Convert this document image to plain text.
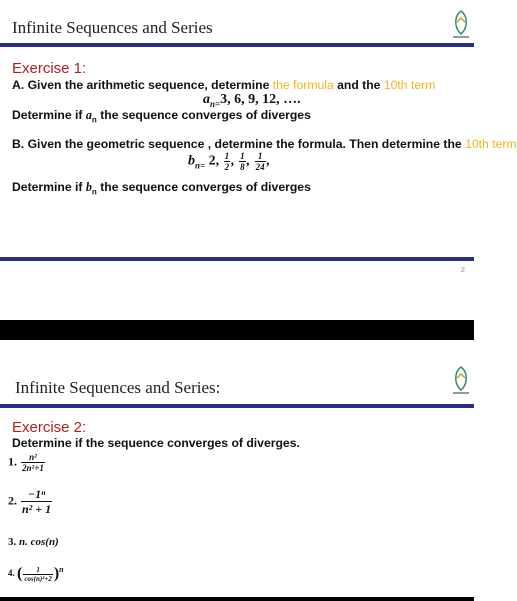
Infinite Sequences and Series
Exercise 1:
A. Given the arithmetic sequence, determine the formula and the 10th term
$a_{n=}3$, 6, 9, 12, ….
Determine if $a_n$ the sequence converges of diverges
B. Given the geometric sequence , determine the formula. Then determine the 10th term
$b_{n=}$ 2, $\frac{1}{2}$ , $\frac{1}{8}$ , $\frac{1}{24}$ ,
Determine if $b_n$ the sequence converges of diverges
2
Infinite Sequences and Series:
Exercise 2:
Determine if the sequence converges of diverges.
1. $\frac{\text{n²}}{\text{2n²+1}}$
2. $\frac{\text{−1ⁿ}}{\text{n² + 1}}$
3. n. cos(n)
4. ( $\frac{1}{\text{cos(n)²+2}} )^n$
